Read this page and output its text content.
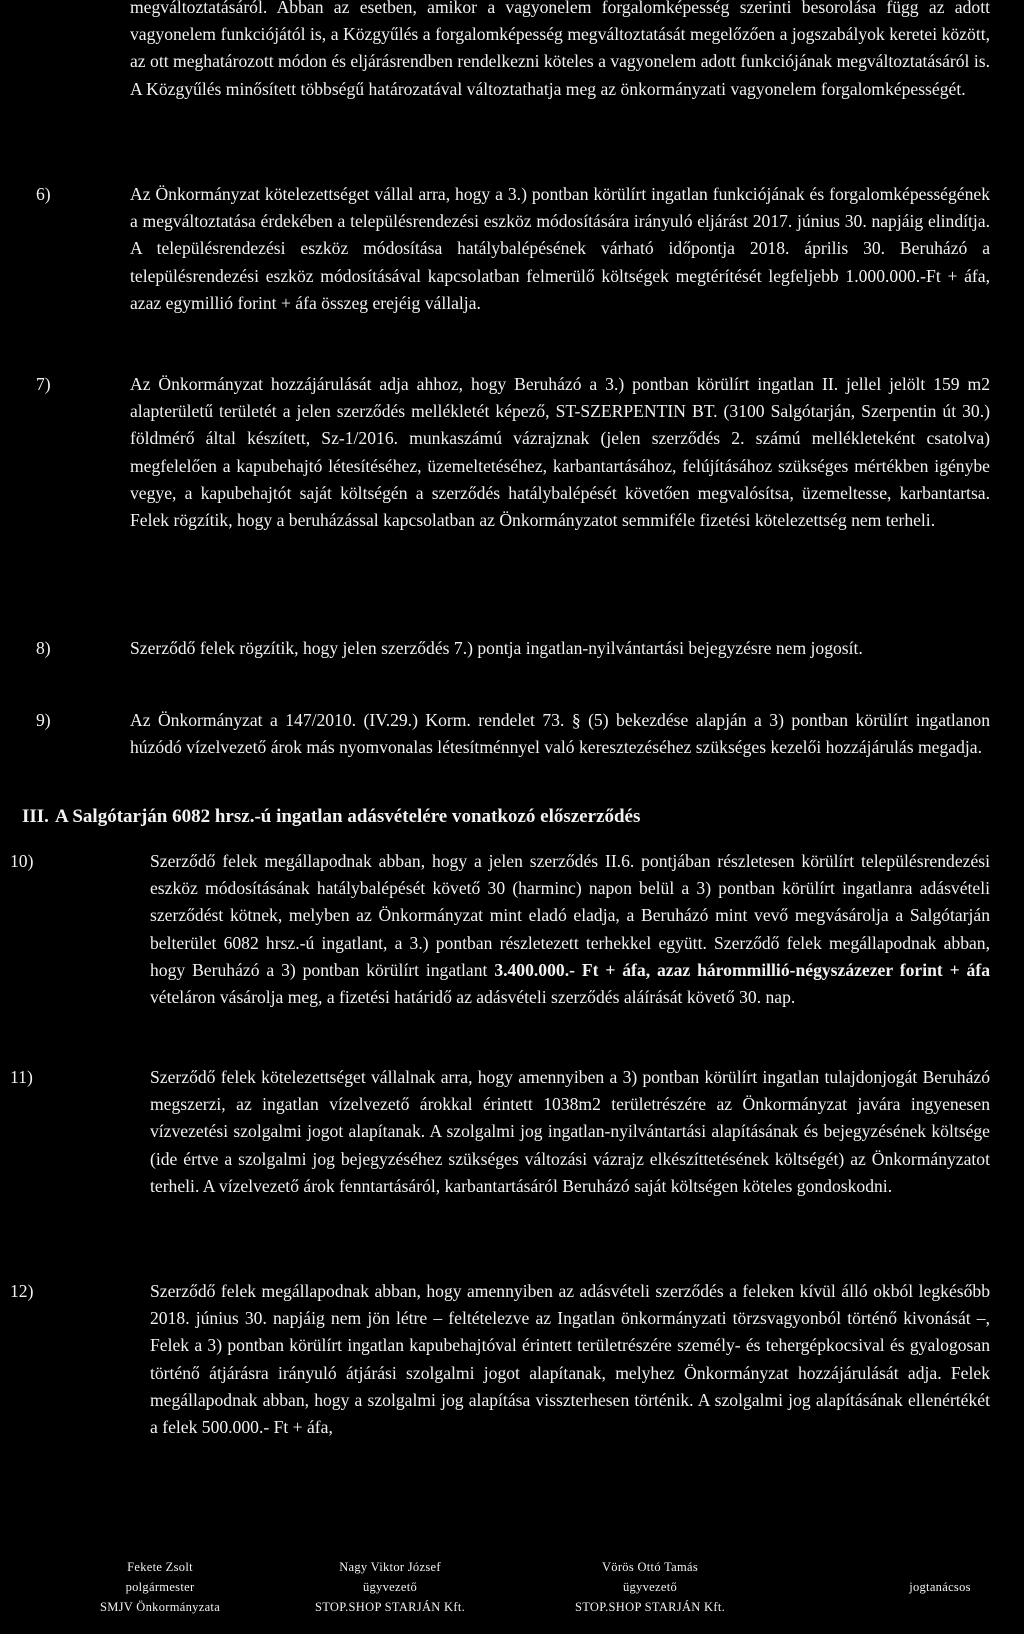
megváltoztatásáról. Abban az esetben, amikor a vagyonelem forgalomképesség szerinti besorolása függ az adott vagyonelem funkciójától is, a Közgyűlés a forgalomképesség megváltoztatását megelőzően a jogszabályok keretei között, az ott meghatározott módon és eljárásrendben rendelkezni köteles a vagyonelem adott funkciójának megváltoztatásáról is. A Közgyűlés minősített többségű határozatával változtathatja meg az önkormányzati vagyonelem forgalomképességét.
6)	Az Önkormányzat kötelezettséget vállal arra, hogy a 3.) pontban körülírt ingatlan funkciójának és forgalomképességének a megváltoztatása érdekében a településrendezési eszköz módosítására irányuló eljárást 2017. június 30. napjáig elindítja. A településrendezési eszköz módosítása hatálybalépésének várható időpontja 2018. április 30. Beruházó a településrendezési eszköz módosításával kapcsolatban felmerülő költségek megtérítését legfeljebb 1.000.000.-Ft + áfa, azaz egymillió forint + áfa összeg erejéig vállalja.
7)	Az Önkormányzat hozzájárulását adja ahhoz, hogy Beruházó a 3.) pontban körülírt ingatlan II. jellel jelölt 159 m2 alapterületű területét a jelen szerződés mellékletét képező, ST-SZERPENTIN BT. (3100 Salgótarján, Szerpentin út 30.) földmérő által készített, Sz-1/2016. munkaszámú vázrajznak (jelen szerződés 2. számú mellékleteként csatolva) megfelelően a kapubehajtó létesítéséhez, üzemeltetéséhez, karbantartásához, felújításához szükséges mértékben igénybe vegye, a kapubehajtót saját költségén a szerződés hatálybalépését követően megvalósítsa, üzemeltesse, karbantartsa. Felek rögzítik, hogy a beruházással kapcsolatban az Önkormányzatot semmiféle fizetési kötelezettség nem terheli.
8)	Szerződő felek rögzítik, hogy jelen szerződés 7.) pontja ingatlan-nyilvántartási bejegyzésre nem jogosít.
9)	Az Önkormányzat a 147/2010. (IV.29.) Korm. rendelet 73. § (5) bekezdése alapján a 3) pontban körülírt ingatlanon húzódó vízelvezető árok más nyomvonalas létesítménnyel való keresztezéséhez szükséges kezelői hozzájárulás megadja.
III. A Salgótarján 6082 hrsz.-ú ingatlan adásvételére vonatkozó előszerződés
10)	Szerződő felek megállapodnak abban, hogy a jelen szerződés II.6. pontjában részletesen körülírt településrendezési eszköz módosításának hatálybalépését követő 30 (harminc) napon belül a 3) pontban körülírt ingatlanra adásvételi szerződést kötnek, melyben az Önkormányzat mint eladó eladja, a Beruházó mint vevő megvásárolja a Salgótarján belterület 6082 hrsz.-ú ingatlant, a 3.) pontban részletezett terhekkel együtt. Szerződő felek megállapodnak abban, hogy Beruházó a 3) pontban körülírt ingatlant 3.400.000.- Ft + áfa, azaz hárommillió-négyszázezer forint + áfa vételáron vásárolja meg, a fizetési határidő az adásvételi szerződés aláírását követő 30. nap.
11)	Szerződő felek kötelezettséget vállalnak arra, hogy amennyiben a 3) pontban körülírt ingatlan tulajdonjogát Beruházó megszerzi, az ingatlan vízelvezető árokkal érintett 1038m2 területrészére az Önkormányzat javára ingyenesen vízvezetési szolgalmi jogot alapítanak. A szolgalmi jog ingatlan-nyilvántartási alapításának és bejegyzésének költsége (ide értve a szolgalmi jog bejegyzéséhez szükséges változási vázrajz elkészíttetésének költségét) az Önkormányzatot terheli. A vízelvezető árok fenntartásáról, karbantartásáról Beruházó saját költségen köteles gondoskodni.
12)	Szerződő felek megállapodnak abban, hogy amennyiben az adásvételi szerződés a feleken kívül álló okból legkésőbb 2018. június 30. napjáig nem jön létre – feltételezve az Ingatlan önkormányzati törzsvagyonból történő kivonását –, Felek a 3) pontban körülírt ingatlan kapubehajtóval érintett területrészére személy- és tehergépkocsival és gyalogosan történő átjárásra irányuló átjárási szolgalmi jogot alapítanak, melyhez Önkormányzat hozzájárulását adja. Felek megállapodnak abban, hogy a szolgalmi jog alapítása visszterhesen történik. A szolgalmi jog alapításának ellenértékét a felek 500.000.- Ft + áfa,
Fekete Zsolt
polgármester
SMJV Önkormányzata
Nagy Viktor József
ügyvezető
STOP.SHOP STARJÁN Kft.
Vörös Ottó Tamás
ügyvezető
STOP.SHOP STARJÁN Kft.

jogtanácsos
